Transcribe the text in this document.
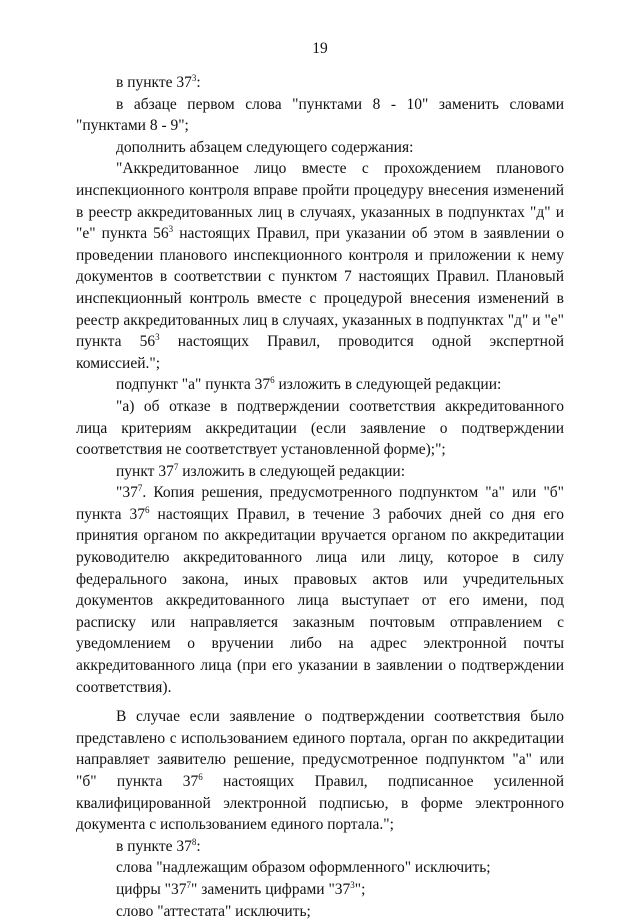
19

в пункте $37^3$:

в абзаце первом слова "пунктами 8 - 10" заменить словами "пунктами 8 - 9";

дополнить абзацем следующего содержания:

"Аккредитованное лицо вместе с прохождением планового инспекционного контроля вправе пройти процедуру внесения изменений в реестр аккредитованных лиц в случаях, указанных в подпунктах "д" и "е" пункта $56^3$ настоящих Правил, при указании об этом в заявлении о проведении планового инспекционного контроля и приложении к нему документов в соответствии с пунктом 7 настоящих Правил. Плановый инспекционный контроль вместе с процедурой внесения изменений в реестр аккредитованных лиц в случаях, указанных в подпунктах "д" и "е" пункта $56^3$ настоящих Правил, проводится одной экспертной комиссией.";

подпункт "а" пункта $37^6$ изложить в следующей редакции:

"а) об отказе в подтверждении соответствия аккредитованного лица критериям аккредитации (если заявление о подтверждении соответствия не соответствует установленной форме);";

пункт $37^7$ изложить в следующей редакции:

"$37^7$. Копия решения, предусмотренного подпунктом "а" или "б" пункта $37^6$ настоящих Правил, в течение 3 рабочих дней со дня его принятия органом по аккредитации вручается органом по аккредитации руководителю аккредитованного лица или лицу, которое в силу федерального закона, иных правовых актов или учредительных документов аккредитованного лица выступает от его имени, под расписку или направляется заказным почтовым отправлением с уведомлением о вручении либо на адрес электронной почты аккредитованного лица (при его указании в заявлении о подтверждении соответствия).

В случае если заявление о подтверждении соответствия было представлено с использованием единого портала, орган по аккредитации направляет заявителю решение, предусмотренное подпунктом "а" или "б" пункта $37^6$ настоящих Правил, подписанное усиленной квалифицированной электронной подписью, в форме электронного документа с использованием единого портала.";

в пункте $37^8$:

слова "надлежащим образом оформленного" исключить;

цифры "$37^7$" заменить цифрами "$37^3$";

слово "аттестата" исключить;
